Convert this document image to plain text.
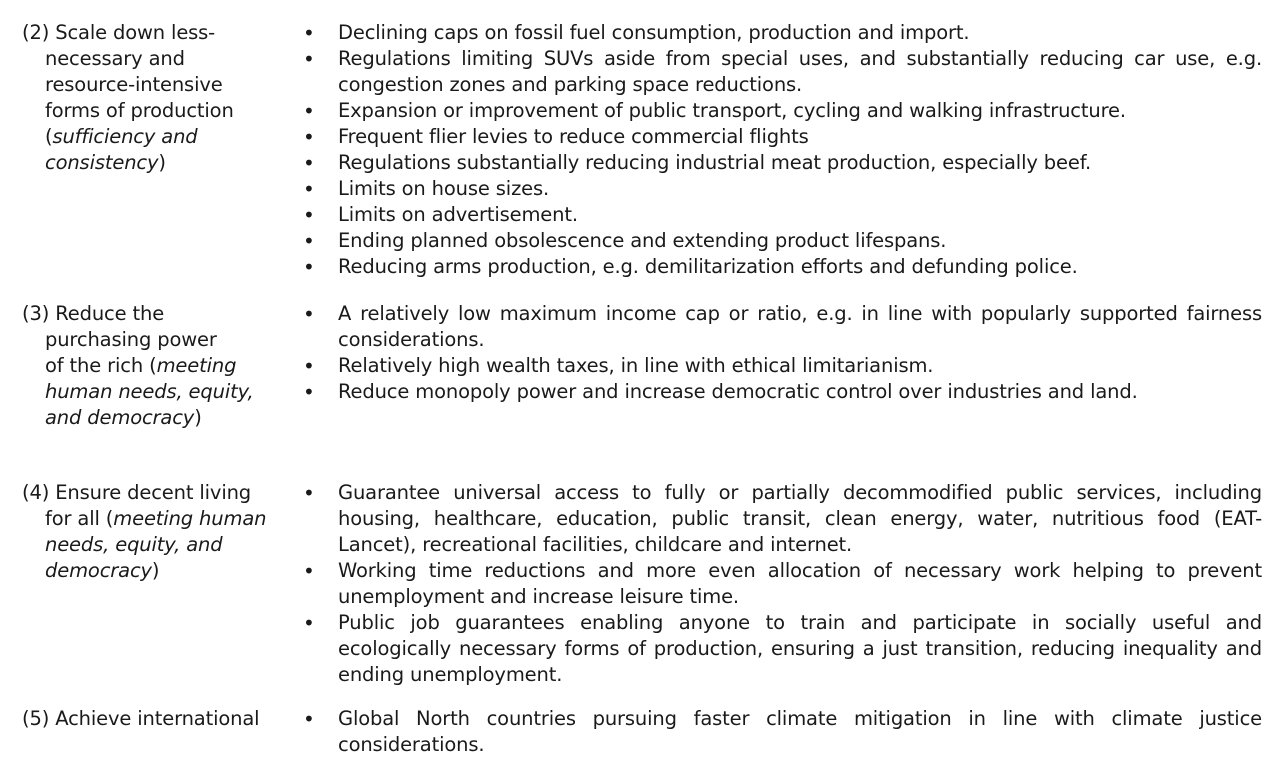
(2) Scale down less-
necessary and
resource-intensive
forms of production
(sufficiency and
consistency)
• Declining caps on fossil fuel consumption, production and import.
• Regulations limiting SUVs aside from special uses, and substantially reducing car use, e.g. congestion zones and parking space reductions.
• Expansion or improvement of public transport, cycling and walking infrastructure.
• Frequent flier levies to reduce commercial flights
• Regulations substantially reducing industrial meat production, especially beef.
• Limits on house sizes.
• Limits on advertisement.
• Ending planned obsolescence and extending product lifespans.
• Reducing arms production, e.g. demilitarization efforts and defunding police.
(3) Reduce the
purchasing power
of the rich (meeting
human needs, equity,
and democracy)
• A relatively low maximum income cap or ratio, e.g. in line with popularly supported fairness considerations.
• Relatively high wealth taxes, in line with ethical limitarianism.
• Reduce monopoly power and increase democratic control over industries and land.
(4) Ensure decent living
for all (meeting human
needs, equity, and
democracy)
• Guarantee universal access to fully or partially decommodified public services, including housing, healthcare, education, public transit, clean energy, water, nutritious food (EAT-Lancet), recreational facilities, childcare and internet.
• Working time reductions and more even allocation of necessary work helping to prevent unemployment and increase leisure time.
• Public job guarantees enabling anyone to train and participate in socially useful and ecologically necessary forms of production, ensuring a just transition, reducing inequality and ending unemployment.
(5) Achieve international	• Global North countries pursuing faster climate mitigation in line with climate justice considerations.
